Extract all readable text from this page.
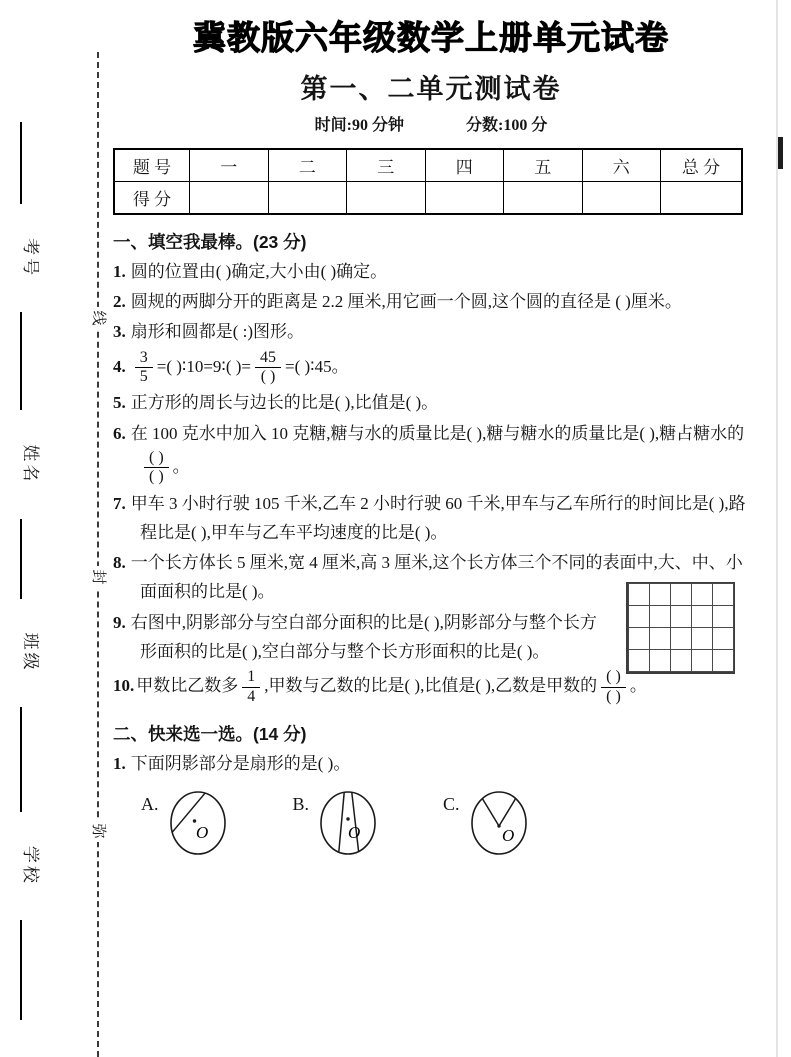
线
封
弥
考号
姓名
班级
学校
冀教版六年级数学上册单元试卷
第一、二单元测试卷
时间:90 分钟	分数:100 分
题 号	一	二	三	四	五	六	总 分
得 分							
一、填空我最棒。(23 分)
1. 圆的位置由( )确定,大小由( )确定。
2. 圆规的两脚分开的距离是 2.2 厘米,用它画一个圆,这个圆的直径是 ( )厘米。
3. 扇形和圆都是( :)图形。
4. $\frac{3}{5}$ =( )∶10=9∶( )= $\frac{45}{( )}$ =( )∶45。
5. 正方形的周长与边长的比是( ),比值是( )。
6. 在 100 克水中加入 10 克糖,糖与水的质量比是( ),糖与糖水的质量比是( ),糖占糖水的
$\frac{( )}{( )}$ 。
7. 甲车 3 小时行驶 105 千米,乙车 2 小时行驶 60 千米,甲车与乙车所行的时间比是( ),路程比是( ),甲车与乙车平均速度的比是( )。
8. 一个长方体长 5 厘米,宽 4 厘米,高 3 厘米,这个长方体三个不同的表面中,大、中、小面面积的比是( )。
9. 右图中,阴影部分与空白部分面积的比是( ),阴影部分与整个长方形面积的比是( ),空白部分与整个长方形面积的比是( )。
10. 甲数比乙数多 $\frac{1}{4}$ ,甲数与乙数的比是( ),比值是( ),乙数是甲数的 $\frac{( )}{( )}$ 。
二、快来选一选。(14 分)
1. 下面阴影部分是扇形的是( )。
A.
O
B.
O
C.
O
